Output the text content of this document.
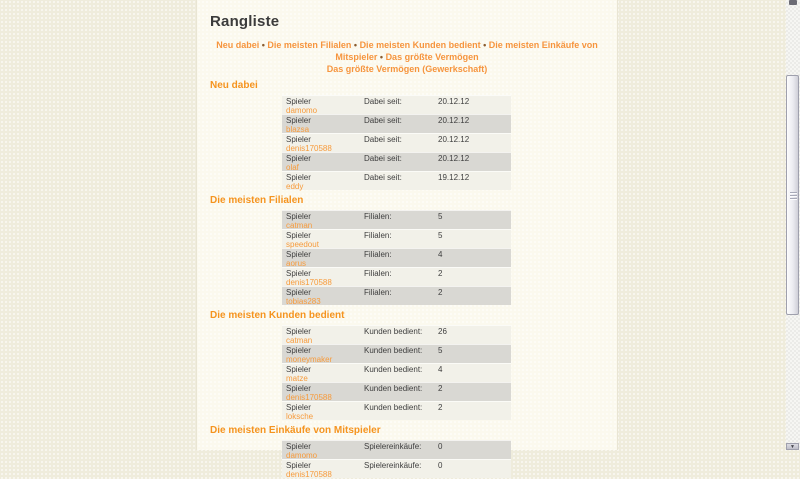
Rangliste
Neu dabei • Die meisten Filialen • Die meisten Kunden bedient • Die meisten Einkäufe von Mitspieler • Das größte Vermögen
Das größte Vermögen (Gewerkschaft)
Neu dabei
Spieler
damomo
Dabei seit:	20.12.12
Spieler
blazsa
Dabei seit:	20.12.12
Spieler
denis170588
Dabei seit:	20.12.12
Spieler
olaf
Dabei seit:	20.12.12
Spieler
eddy
Dabei seit:	19.12.12
Die meisten Filialen
Spieler
catman
Filialen:	5
Spieler
speedout
Filialen:	5
Spieler
aorus
Filialen:	4
Spieler
denis170588
Filialen:	2
Spieler
tobias283
Filialen:	2
Die meisten Kunden bedient
Spieler
catman
Kunden bedient:	26
Spieler
moneymaker
Kunden bedient:	5
Spieler
matze
Kunden bedient:	4
Spieler
denis170588
Kunden bedient:	2
Spieler
loksche
Kunden bedient:	2
Die meisten Einkäufe von Mitspieler
Spieler
damomo
Spielereinkäufe:	0
Spieler
denis170588
Spielereinkäufe:	0
▼
